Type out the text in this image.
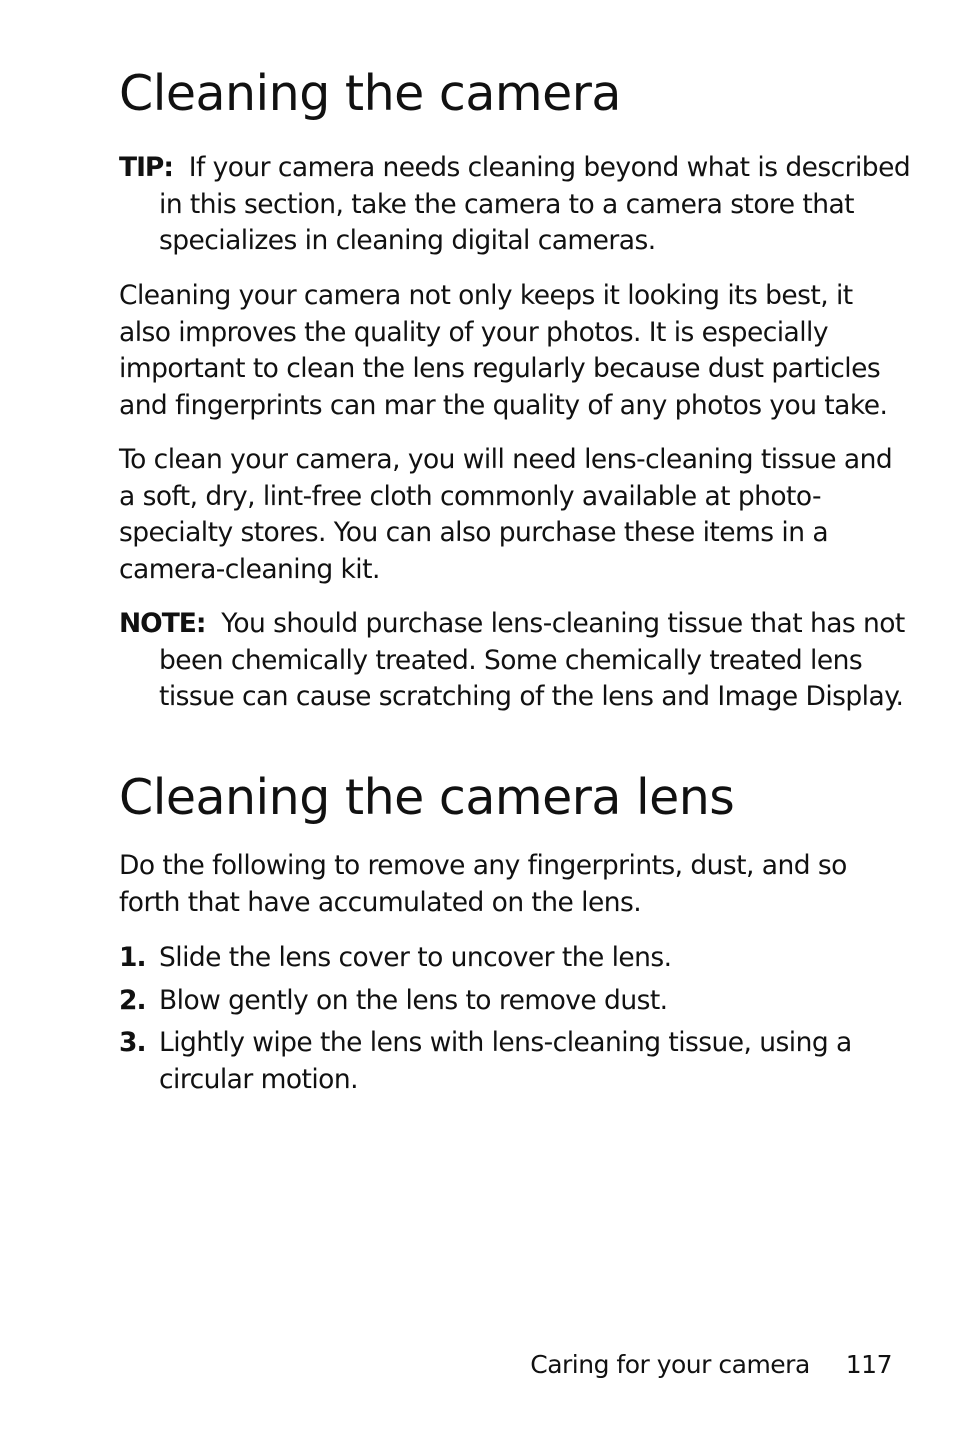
Cleaning the camera
TIP: If your camera needs cleaning beyond what is described in this section, take the camera to a camera store that specializes in cleaning digital cameras.
Cleaning your camera not only keeps it looking its best, it also improves the quality of your photos. It is especially important to clean the lens regularly because dust particles and fingerprints can mar the quality of any photos you take.
To clean your camera, you will need lens-cleaning tissue and a soft, dry, lint-free cloth commonly available at photo-specialty stores. You can also purchase these items in a camera-cleaning kit.
NOTE: You should purchase lens-cleaning tissue that has not been chemically treated. Some chemically treated lens tissue can cause scratching of the lens and Image Display.
Cleaning the camera lens
Do the following to remove any fingerprints, dust, and so forth that have accumulated on the lens.
1. Slide the lens cover to uncover the lens.
2. Blow gently on the lens to remove dust.
3. Lightly wipe the lens with lens-cleaning tissue, using a circular motion.
Caring for your camera 117
